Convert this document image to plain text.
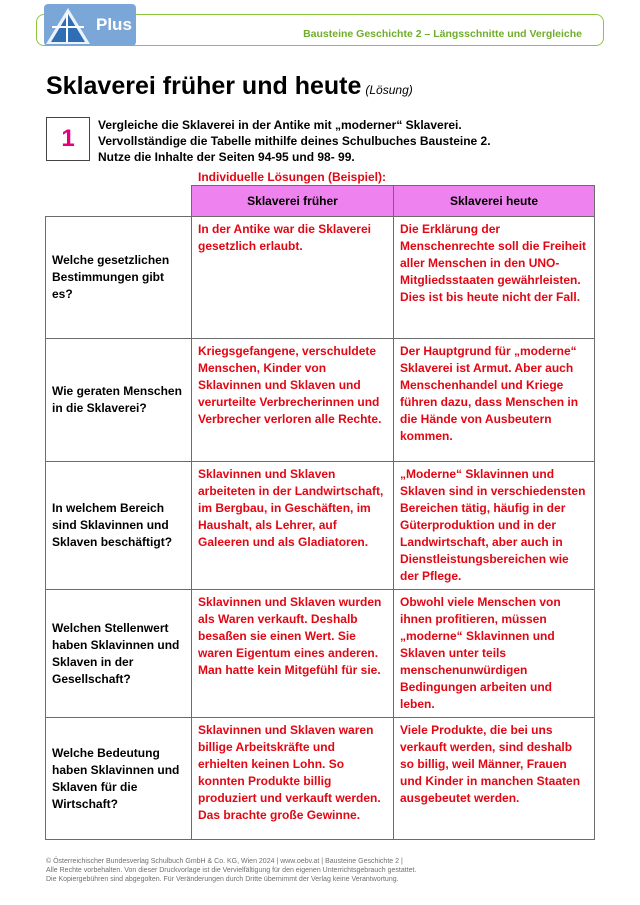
Plus	Bausteine Geschichte 2 – Längsschnitte und Vergleiche
Sklaverei früher und heute (Lösung)
1	Vergleiche die Sklaverei in der Antike mit „moderner“ Sklaverei.
Vervollständige die Tabelle mithilfe deines Schulbuches Bausteine 2.
Nutze die Inhalte der Seiten 94-95 und 98- 99.
Individuelle Lösungen (Beispiel):
	Sklaverei früher	Sklaverei heute
Welche gesetzlichen Bestimmungen gibt es?	In der Antike war die Sklaverei gesetzlich erlaubt.	Die Erklärung der Menschenrechte soll die Freiheit aller Menschen in den UNO-Mitgliedsstaaten gewährleisten. Dies ist bis heute nicht der Fall.
Wie geraten Menschen in die Sklaverei?	Kriegsgefangene, verschuldete Menschen, Kinder von Sklavinnen und Sklaven und verurteilte Verbrecherinnen und Verbrecher verloren alle Rechte.	Der Hauptgrund für „moderne“ Sklaverei ist Armut. Aber auch Menschenhandel und Kriege führen dazu, dass Menschen in die Hände von Ausbeutern kommen.
In welchem Bereich sind Sklavinnen und Sklaven beschäftigt?	Sklavinnen und Sklaven arbeiteten in der Landwirtschaft, im Bergbau, in Geschäften, im Haushalt, als Lehrer, auf Galeeren und als Gladiatoren.	„Moderne“ Sklavinnen und Sklaven sind in verschiedensten Bereichen tätig, häufig in der Güterproduktion und in der Landwirtschaft, aber auch in Dienstleistungsbereichen wie der Pflege.
Welchen Stellenwert haben Sklavinnen und Sklaven in der Gesellschaft?	Sklavinnen und Sklaven wurden als Waren verkauft. Deshalb besaßen sie einen Wert. Sie waren Eigentum eines anderen. Man hatte kein Mitgefühl für sie.	Obwohl viele Menschen von ihnen profitieren, müssen „moderne“ Sklavinnen und Sklaven unter teils menschenunwürdigen Bedingungen arbeiten und leben.
Welche Bedeutung haben Sklavinnen und Sklaven für die Wirtschaft?	Sklavinnen und Sklaven waren billige Arbeitskräfte und erhielten keinen Lohn. So konnten Produkte billig produziert und verkauft werden. Das brachte große Gewinne.	Viele Produkte, die bei uns verkauft werden, sind deshalb so billig, weil Männer, Frauen und Kinder in manchen Staaten ausgebeutet werden.
© Österreichischer Bundesverlag Schulbuch GmbH & Co. KG, Wien 2024 | www.oebv.at | Bausteine Geschichte 2 |
Alle Rechte vorbehalten. Von dieser Druckvorlage ist die Vervielfältigung für den eigenen Unterrichtsgebrauch gestattet.
Die Kopiergebühren sind abgegolten. Für Veränderungen durch Dritte übernimmt der Verlag keine Verantwortung.
